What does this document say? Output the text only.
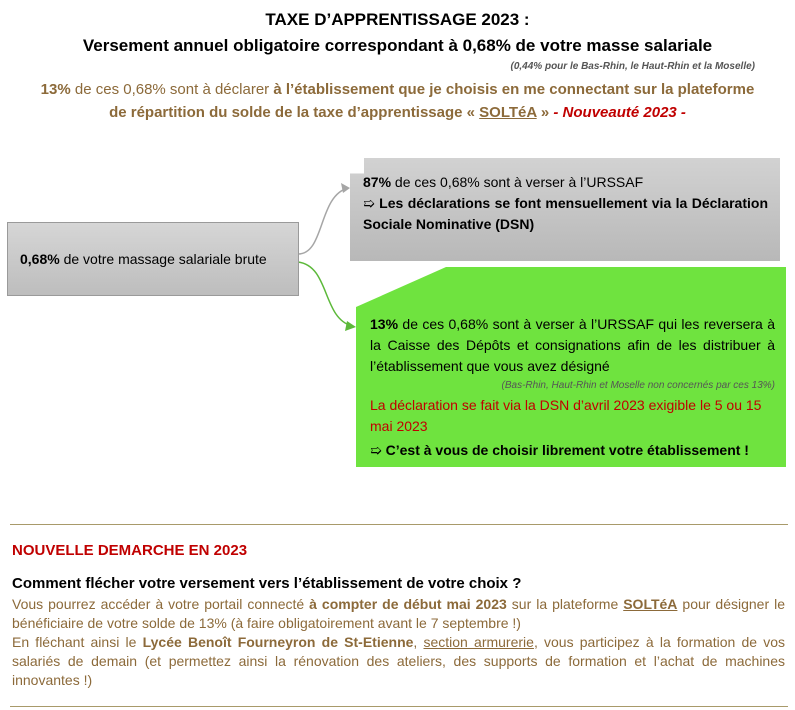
TAXE D’APPRENTISSAGE 2023 :
Versement annuel obligatoire correspondant à 0,68% de votre masse salariale
(0,44% pour le Bas-Rhin, le Haut-Rhin et la Moselle)
13% de ces 0,68% sont à déclarer à l’établissement que je choisis en me connectant sur la plateforme
de répartition du solde de la taxe d’apprentissage « SOLTéA » - Nouveauté 2023 -
0,68% de votre massage salariale brute
87% de ces 0,68% sont à verser à l’URSSAF
➯ Les déclarations se font mensuellement via la Déclaration Sociale Nominative (DSN)
13% de ces 0,68% sont à verser à l’URSSAF qui les reversera à la Caisse des Dépôts et consignations afin de les distribuer à l’établissement que vous avez désigné
(Bas-Rhin, Haut-Rhin et Moselle non concernés par ces 13%)
La déclaration se fait via la DSN d’avril 2023 exigible le 5 ou 15 mai 2023
➯ C’est à vous de choisir librement votre établissement !
NOUVELLE DEMARCHE EN 2023
Comment flécher votre versement vers l’établissement de votre choix ?
Vous pourrez accéder à votre portail connecté à compter de début mai 2023 sur la plateforme SOLTéA pour désigner le bénéficiaire de votre solde de 13% (à faire obligatoirement avant le 7 septembre !)
En fléchant ainsi le Lycée Benoît Fourneyron de St-Etienne, section armurerie, vous participez à la formation de vos salariés de demain (et permettez ainsi la rénovation des ateliers, des supports de formation et l’achat de machines innovantes !)
